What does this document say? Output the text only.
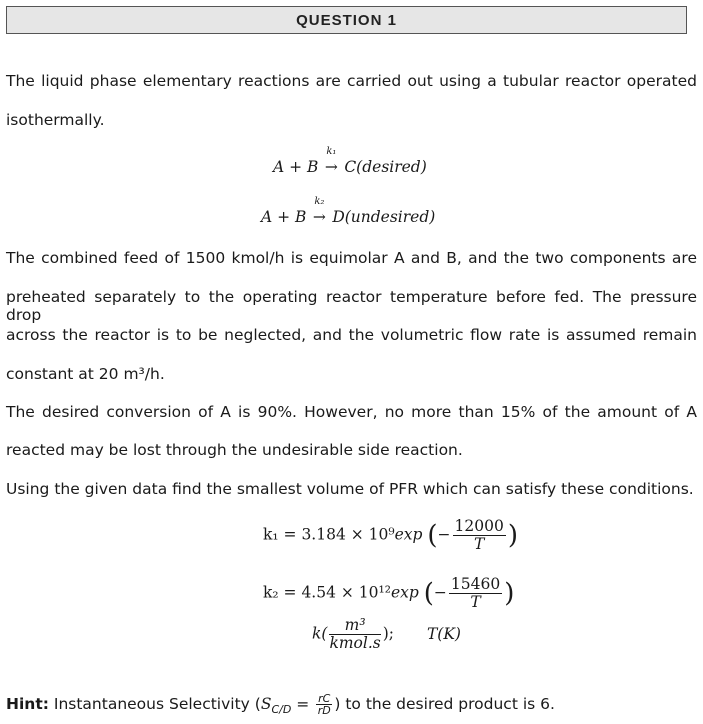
QUESTION 1
The liquid phase elementary reactions are carried out using a tubular reactor operated
isothermally.
A + B
k₁
→ C(desired)
A + B
k₂
→ D(undesired)
The combined feed of 1500 kmol/h is equimolar A and B, and the two components are
preheated separately to the operating reactor temperature before fed. The pressure drop
across the reactor is to be neglected, and the volumetric flow rate is assumed remain
constant at 20 m³/h.
The desired conversion of A is 90%. However, no more than 15% of the amount of A
reacted may be lost through the undesirable side reaction.
Using the given data find the smallest volume of PFR which can satisfy these conditions.
k₁ = 3.184 × 10⁹exp (− $\frac{12000}{T}$ )
k₂ = 4.54 × 10¹²exp (− $\frac{15460}{T}$ )
$k( \frac{\text{m³}}{\text{kmol.s}}$ ); T(K)
Hint: Instantaneous Selectivity ($S_{C/D} = \frac{rC}{rD}$ ) to the desired product is 6.
